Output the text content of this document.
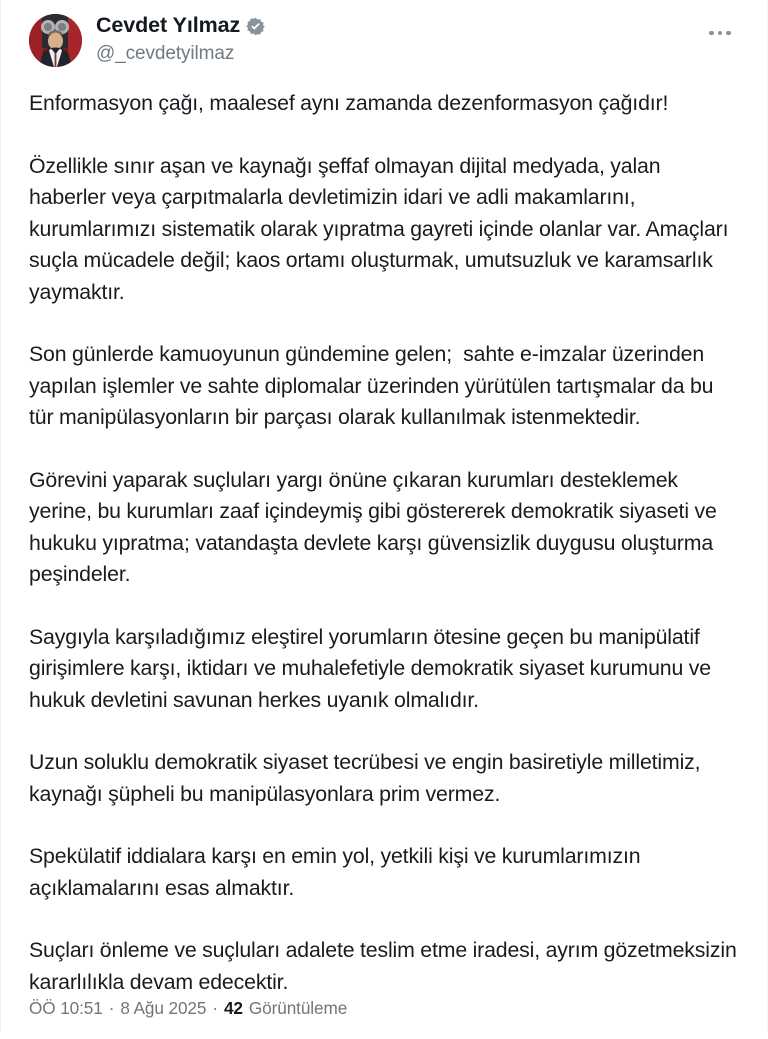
Cevdet Yılmaz
@_cevdetyilmaz

Enformasyon çağı, maalesef aynı zamanda dezenformasyon çağıdır!

Özellikle sınır aşan ve kaynağı şeffaf olmayan dijital medyada, yalan haberler veya çarpıtmalarla devletimizin idari ve adli makamlarını, kurumlarımızı sistematik olarak yıpratma gayreti içinde olanlar var. Amaçları suçla mücadele değil; kaos ortamı oluşturmak, umutsuzluk ve karamsarlık yaymaktır.

Son günlerde kamuoyunun gündemine gelen;  sahte e-imzalar üzerinden yapılan işlemler ve sahte diplomalar üzerinden yürütülen tartışmalar da bu tür manipülasyonların bir parçası olarak kullanılmak istenmektedir.

Görevini yaparak suçluları yargı önüne çıkaran kurumları desteklemek yerine, bu kurumları zaaf içindeymiş gibi göstererek demokratik siyaseti ve hukuku yıpratma; vatandaşta devlete karşı güvensizlik duygusu oluşturma peşindeler.

Saygıyla karşıladığımız eleştirel yorumların ötesine geçen bu manipülatif girişimlere karşı, iktidarı ve muhalefetiyle demokratik siyaset kurumunu ve hukuk devletini savunan herkes uyanık olmalıdır.

Uzun soluklu demokratik siyaset tecrübesi ve engin basiretiyle milletimiz, kaynağı şüpheli bu manipülasyonlara prim vermez.

Spekülatif iddialara karşı en emin yol, yetkili kişi ve kurumlarımızın açıklamalarını esas almaktır.

Suçları önleme ve suçluları adalete teslim etme iradesi, ayrım gözetmeksizin kararlılıkla devam edecektir.

ÖÖ 10:51 · 8 Ağu 2025 · 42 Görüntüleme
